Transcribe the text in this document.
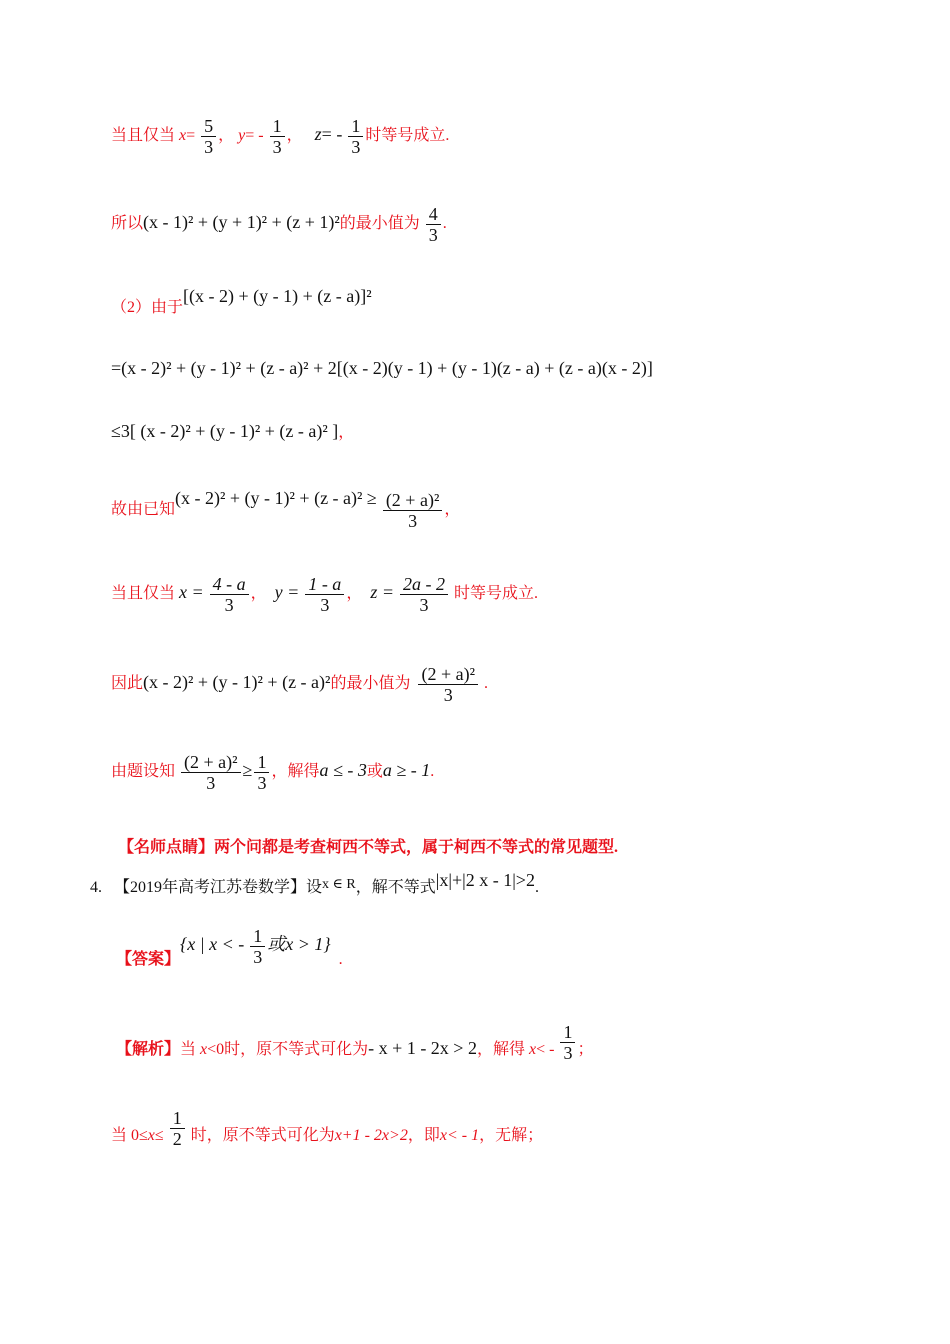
当且仅当 $x= \frac{5}{3}$ ， $y= - \frac{1}{3}$ ， $z= - \frac{1}{3}$ 时等号成立.
所以(x - 1)² + (y + 1)² + (z + 1)²的最小值为 $\frac{4}{3}$ .
（2）由于[(x - 2) + (y - 1) + (z - a)]²
=(x - 2)² + (y - 1)² + (z - a)² + 2[(x - 2)(y - 1) + (y - 1)(z - a) + (z - a)(x - 2)]
≤3[ (x - 2)² + (y - 1)² + (z - a)² ]，
故由已知$(x - 2)^2 + (y - 1)^2 + (z - a)^2 \ge \frac{\text{(2 + a)²}}{3}$ ，
当且仅当 $x = \frac{4 - a}{3}$ ， $y = \frac{1 - a}{3}$ ， $z = \frac{2a - 2}{3}$ 时等号成立.
因此(x - 2)² + (y - 1)² + (z - a)²的最小值为 $\frac{\text{(2 + a)²}}{3}$ .
由题设知 $\frac{\text{(2 + a)²}}{3} \ge \frac{1}{3}$ ，解得a ≤ - 3或a ≥ - 1.
【名师点睛】两个问都是考查柯西不等式，属于柯西不等式的常见题型.
4. 【2019年高考江苏卷数学】设x ∈ R，解不等式|x|+|2 x - 1|>2.
【答案】{x | x < - $\frac{1}{3}$ 或x > 1}  .
【解析】当 x<0时，原不等式可化为- x + 1 - 2x > 2，解得 $x< - \frac{1}{3}$ ；
当 $0\le x\le \frac{1}{2}$ 时，原不等式可化为x+1 - 2x>2，即x< - 1，无解；
